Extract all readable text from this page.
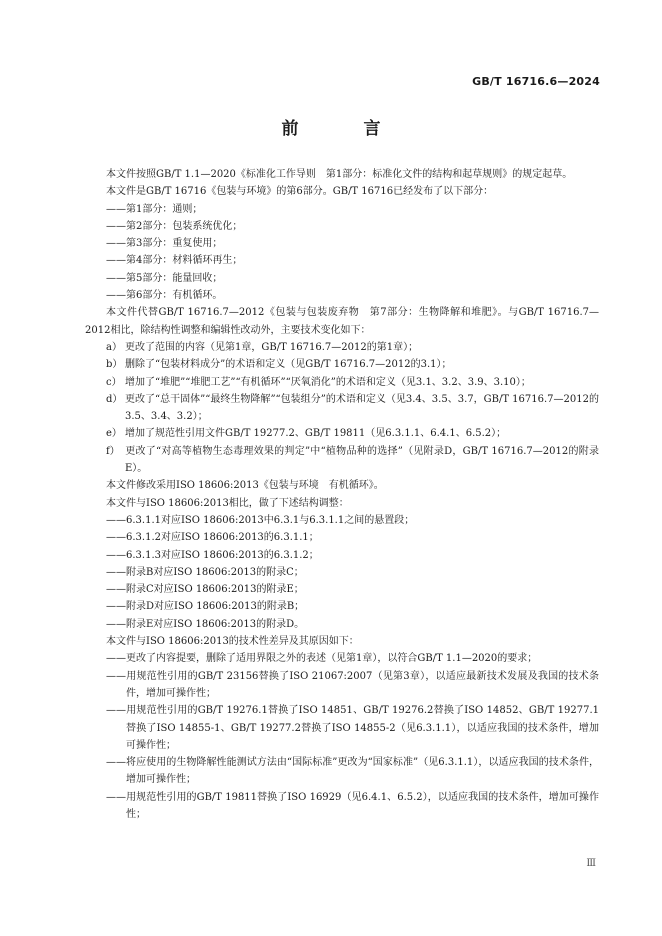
GB/T 16716.6—2024
前　言
本文件按照GB/T 1.1—2020《标准化工作导则　第1部分：标准化文件的结构和起草规则》的规定起草。
本文件是GB/T 16716《包装与环境》的第6部分。GB/T 16716已经发布了以下部分：
——第1部分：通则；
——第2部分：包装系统优化；
——第3部分：重复使用；
——第4部分：材料循环再生；
——第5部分：能量回收；
——第6部分：有机循环。
本文件代替GB/T 16716.7—2012《包装与包装废弃物　第7部分：生物降解和堆肥》。与GB/T 16716.7—2012相比，除结构性调整和编辑性改动外，主要技术变化如下：
a） 更改了范围的内容（见第1章，GB/T 16716.7—2012的第1章）；
b） 删除了“包装材料成分”的术语和定义（见GB/T 16716.7—2012的3.1）；
c） 增加了“堆肥”“堆肥工艺”“有机循环”“厌氧消化”的术语和定义（见3.1、3.2、3.9、3.10）；
d） 更改了“总干固体”“最终生物降解”“包装组分”的术语和定义（见3.4、3.5、3.7，GB/T 16716.7—2012的3.5、3.4、3.2）；
e） 增加了规范性引用文件GB/T 19277.2、GB/T 19811（见6.3.1.1、6.4.1、6.5.2）；
f） 更改了“对高等植物生态毒理效果的判定”中“植物品种的选择”（见附录D，GB/T 16716.7—2012的附录E）。
本文件修改采用ISO 18606:2013《包装与环境　有机循环》。
本文件与ISO 18606:2013相比，做了下述结构调整：
——6.3.1.1对应ISO 18606:2013中6.3.1与6.3.1.1之间的悬置段；
——6.3.1.2对应ISO 18606:2013的6.3.1.1；
——6.3.1.3对应ISO 18606:2013的6.3.1.2；
——附录B对应ISO 18606:2013的附录C；
——附录C对应ISO 18606:2013的附录E；
——附录D对应ISO 18606:2013的附录B；
——附录E对应ISO 18606:2013的附录D。
本文件与ISO 18606:2013的技术性差异及其原因如下：
——更改了内容提要，删除了适用界限之外的表述（见第1章），以符合GB/T 1.1—2020的要求；
——用规范性引用的GB/T 23156替换了ISO 21067:2007（见第3章），以适应最新技术发展及我国的技术条件，增加可操作性；
——用规范性引用的GB/T 19276.1替换了ISO 14851、GB/T 19276.2替换了ISO 14852、GB/T 19277.1替换了ISO 14855-1、GB/T 19277.2替换了ISO 14855-2（见6.3.1.1），以适应我国的技术条件，增加可操作性；
——将应使用的生物降解性能测试方法由“国际标准”更改为“国家标准”（见6.3.1.1），以适应我国的技术条件，增加可操作性；
——用规范性引用的GB/T 19811替换了ISO 16929（见6.4.1、6.5.2），以适应我国的技术条件，增加可操作性；
Ⅲ
